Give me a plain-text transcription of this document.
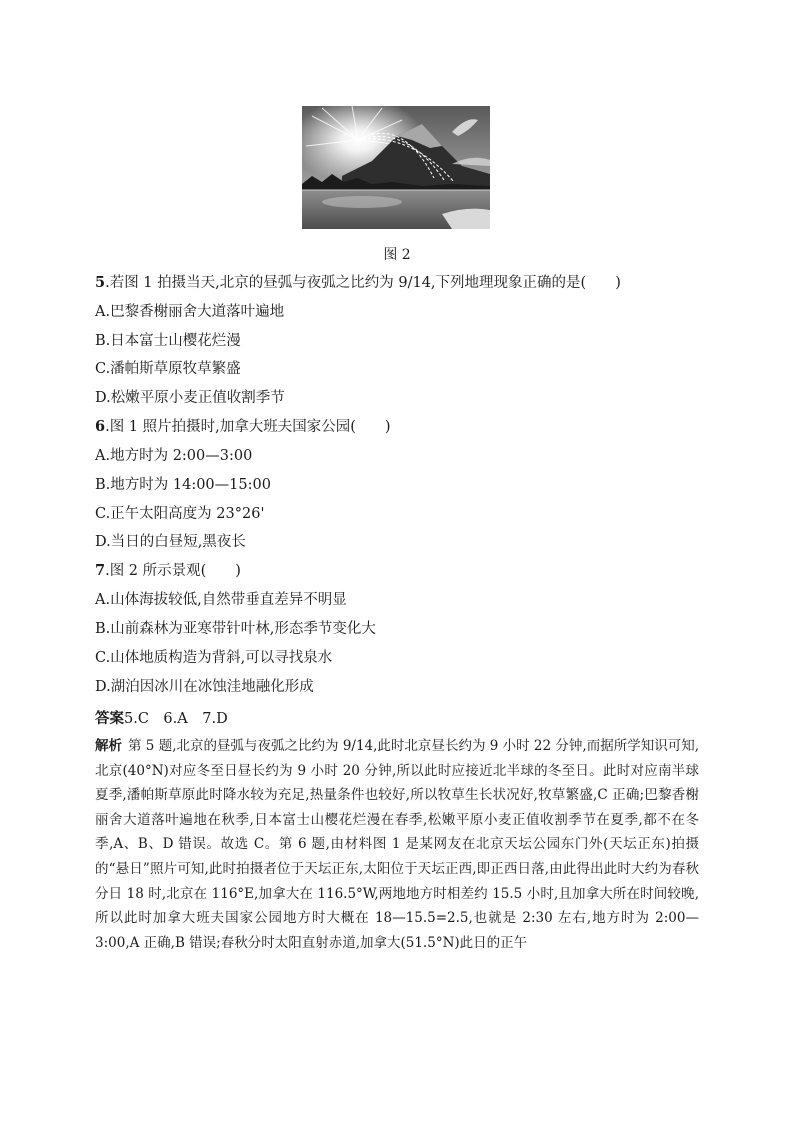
图 2
5.若图 1 拍摄当天,北京的昼弧与夜弧之比约为 9/14,下列地理现象正确的是(　　)
A.巴黎香榭丽舍大道落叶遍地
B.日本富士山樱花烂漫
C.潘帕斯草原牧草繁盛
D.松嫩平原小麦正值收割季节
6.图 1 照片拍摄时,加拿大班夫国家公园(　　)
A.地方时为 2:00—3:00
B.地方时为 14:00—15:00
C.正午太阳高度为 23°26'
D.当日的白昼短,黑夜长
7.图 2 所示景观(　　)
A.山体海拔较低,自然带垂直差异不明显
B.山前森林为亚寒带针叶林,形态季节变化大
C.山体地质构造为背斜,可以寻找泉水
D.湖泊因冰川在冰蚀洼地融化形成
答案5.C　6.A　7.D
解析 第 5 题,北京的昼弧与夜弧之比约为 9/14,此时北京昼长约为 9 小时 22 分钟,而据所学知识可知,北京(40°N)对应冬至日昼长约为 9 小时 20 分钟,所以此时应接近北半球的冬至日。此时对应南半球夏季,潘帕斯草原此时降水较为充足,热量条件也较好,所以牧草生长状况好,牧草繁盛,C 正确;巴黎香榭丽舍大道落叶遍地在秋季,日本富士山樱花烂漫在春季,松嫩平原小麦正值收割季节在夏季,都不在冬季,A、B、D 错误。故选 C。第 6 题,由材料图 1 是某网友在北京天坛公园东门外(天坛正东)拍摄的“悬日”照片可知,此时拍摄者位于天坛正东,太阳位于天坛正西,即正西日落,由此得出此时大约为春秋分日 18 时,北京在 116°E,加拿大在 116.5°W,两地地方时相差约 15.5 小时,且加拿大所在时间较晚,所以此时加拿大班夫国家公园地方时大概在 18—15.5=2.5,也就是 2:30 左右,地方时为 2:00—3:00,A 正确,B 错误;春秋分时太阳直射赤道,加拿大(51.5°N)此日的正午
